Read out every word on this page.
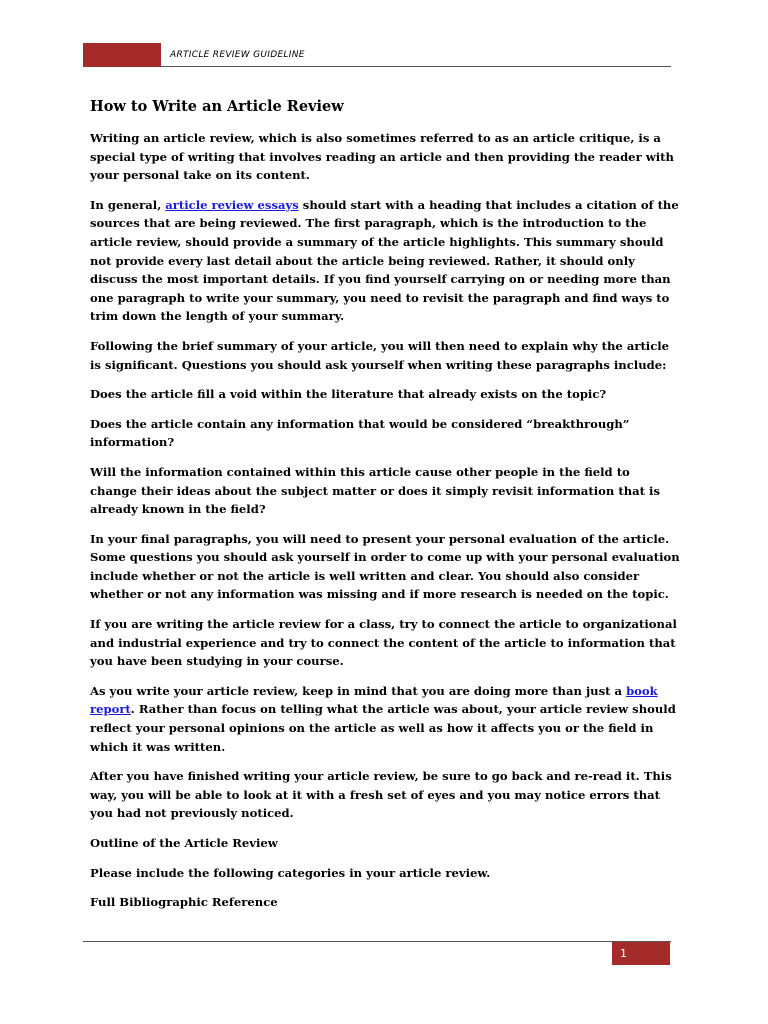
ARTICLE REVIEW GUIDELINE
How to Write an Article Review

Writing an article review, which is also sometimes referred to as an article critique, is a special type of writing that involves reading an article and then providing the reader with your personal take on its content.

In general, article review essays should start with a heading that includes a citation of the sources that are being reviewed. The first paragraph, which is the introduction to the article review, should provide a summary of the article highlights. This summary should not provide every last detail about the article being reviewed. Rather, it should only discuss the most important details. If you find yourself carrying on or needing more than one paragraph to write your summary, you need to revisit the paragraph and find ways to trim down the length of your summary.

Following the brief summary of your article, you will then need to explain why the article is significant. Questions you should ask yourself when writing these paragraphs include:

Does the article fill a void within the literature that already exists on the topic?

Does the article contain any information that would be considered “breakthrough” information?

Will the information contained within this article cause other people in the field to change their ideas about the subject matter or does it simply revisit information that is already known in the field?

In your final paragraphs, you will need to present your personal evaluation of the article. Some questions you should ask yourself in order to come up with your personal evaluation include whether or not the article is well written and clear. You should also consider whether or not any information was missing and if more research is needed on the topic.

If you are writing the article review for a class, try to connect the article to organizational and industrial experience and try to connect the content of the article to information that you have been studying in your course.

As you write your article review, keep in mind that you are doing more than just a book report. Rather than focus on telling what the article was about, your article review should reflect your personal opinions on the article as well as how it affects you or the field in which it was written.

After you have finished writing your article review, be sure to go back and re-read it. This way, you will be able to look at it with a fresh set of eyes and you may notice errors that you had not previously noticed.

Outline of the Article Review

Please include the following categories in your article review.

Full Bibliographic Reference

1
